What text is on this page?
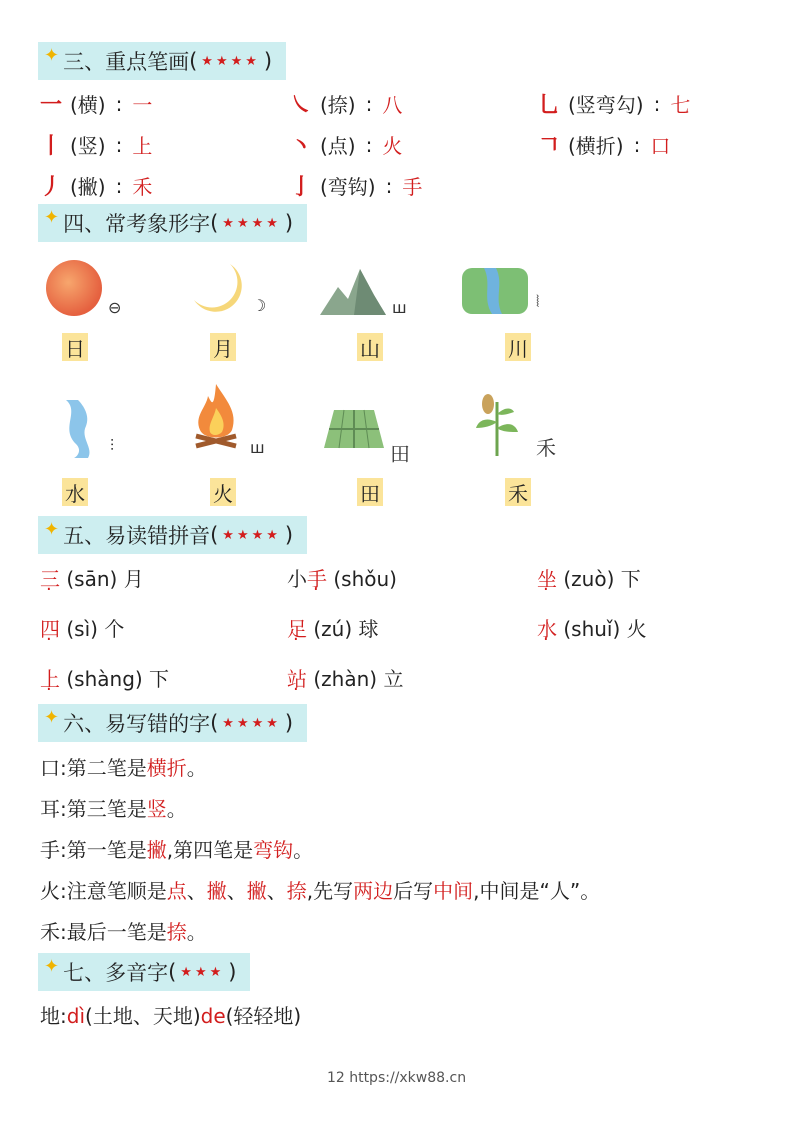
✦ 三、重点笔画 ( ★★★★ )
一 (横) : 一	㇏ (捺) : 八	乚 (竖弯勾) : 七
丨 (竖) : 上	丶 (点) : 火	𠃍 (横折) : 口
丿 (撇) : 禾	亅 (弯钩) : 手
✦ 四、常考象形字 ( ★★★★ )
⊖
日
☽
月
ꟺ
山
⦚
川
⫶
水
ꟺ
火
田
田
⽲
禾
✦ 五、易读错拼音 ( ★★★★ )
三 (sān) 月	小手 (shǒu)	坐 (zuò) 下
四 (sì) 个	足 (zú) 球	水 (shuǐ) 火
上 (shàng) 下	站 (zhàn) 立
✦ 六、易写错的字 ( ★★★★ )
口:第二笔是横折。
耳:第三笔是竖。
手:第一笔是撇,第四笔是弯钩。
火:注意笔顺是点、撇、撇、捺,先写两边后写中间,中间是“人”。
禾:最后一笔是捺。
✦ 七、多音字 ( ★★★ )
地:dì(土地、天地)de(轻轻地)
12 https://xkw88.cn
